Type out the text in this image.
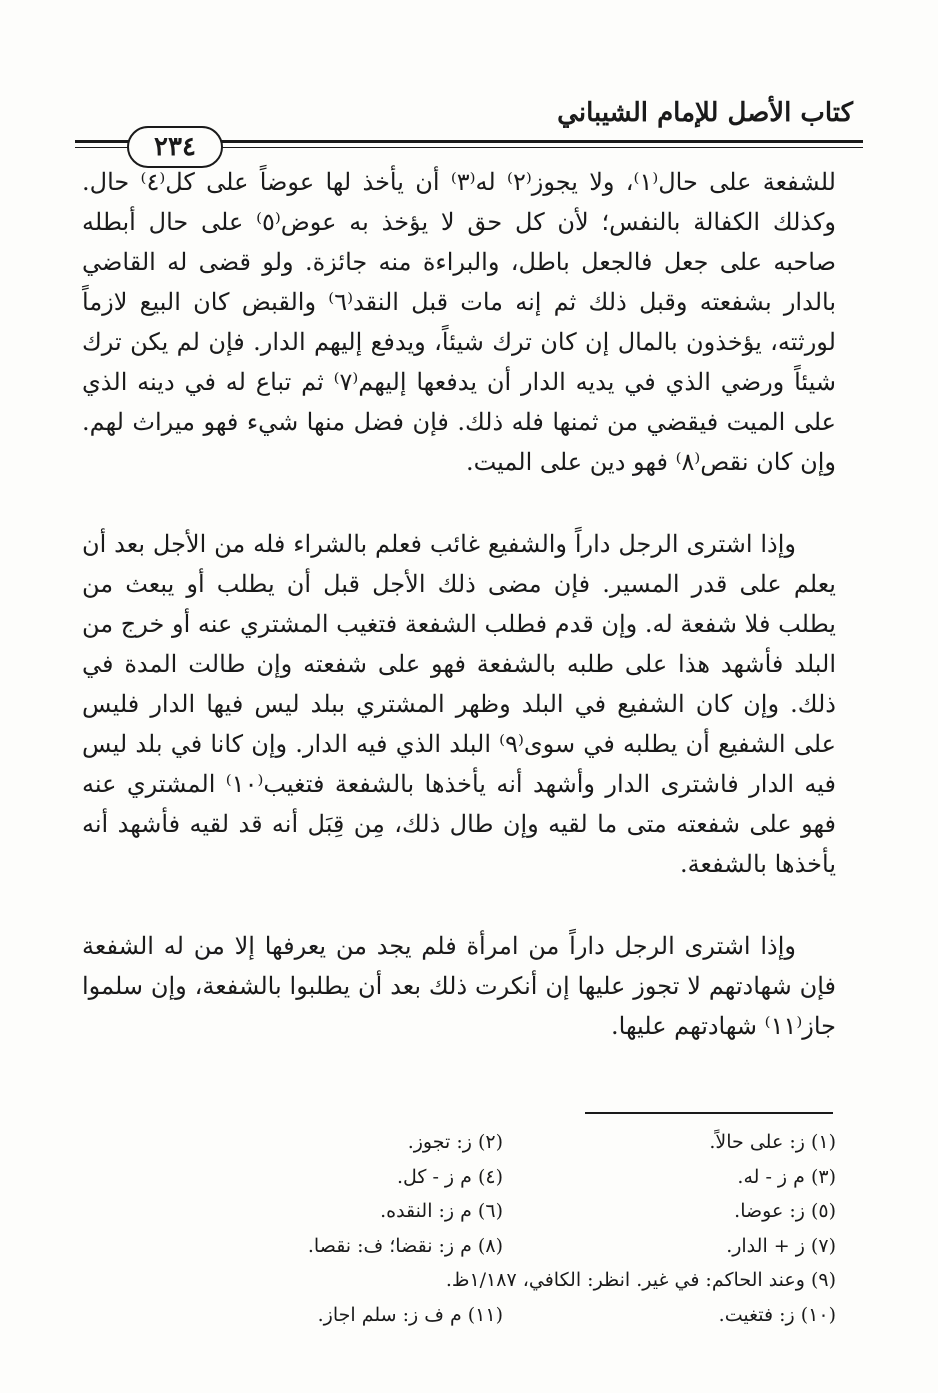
كتاب الأصل للإمام الشيباني
٢٣٤

للشفعة على حال⁽١⁾، ولا يجوز⁽٢⁾ له⁽٣⁾ أن يأخذ لها عوضاً على كل⁽٤⁾ حال. وكذلك الكفالة بالنفس؛ لأن كل حق لا يؤخذ به عوض⁽٥⁾ على حال أبطله صاحبه على جعل فالجعل باطل، والبراءة منه جائزة. ولو قضى له القاضي بالدار بشفعته وقبل ذلك ثم إنه مات قبل النقد⁽٦⁾ والقبض كان البيع لازماً لورثته، يؤخذون بالمال إن كان ترك شيئاً، ويدفع إليهم الدار. فإن لم يكن ترك شيئاً ورضي الذي في يديه الدار أن يدفعها إليهم⁽٧⁾ ثم تباع له في دينه الذي على الميت فيقضي من ثمنها فله ذلك. فإن فضل منها شيء فهو ميراث لهم. وإن كان نقص⁽٨⁾ فهو دين على الميت.

وإذا اشترى الرجل داراً والشفيع غائب فعلم بالشراء فله من الأجل بعد أن يعلم على قدر المسير. فإن مضى ذلك الأجل قبل أن يطلب أو يبعث من يطلب فلا شفعة له. وإن قدم فطلب الشفعة فتغيب المشتري عنه أو خرج من البلد فأشهد هذا على طلبه بالشفعة فهو على شفعته وإن طالت المدة في ذلك. وإن كان الشفيع في البلد وظهر المشتري ببلد ليس فيها الدار فليس على الشفيع أن يطلبه في سوى⁽٩⁾ البلد الذي فيه الدار. وإن كانا في بلد ليس فيه الدار فاشترى الدار وأشهد أنه يأخذها بالشفعة فتغيب⁽١٠⁾ المشتري عنه فهو على شفعته متى ما لقيه وإن طال ذلك، مِن قِبَل أنه قد لقيه فأشهد أنه يأخذها بالشفعة.

وإذا اشترى الرجل داراً من امرأة فلم يجد من يعرفها إلا من له الشفعة فإن شهادتهم لا تجوز عليها إن أنكرت ذلك بعد أن يطلبوا بالشفعة، وإن سلموا جاز⁽١١⁾ شهادتهم عليها.

(١) ز: على حالاً.
(٢) ز: تجوز.
(٣) م ز - له.
(٤) م ز - كل.
(٥) ز: عوضا.
(٦) م ز: النقده.
(٧) ز + الدار.
(٨) م ز: نقضا؛ ف: نقصا.
(٩) وعند الحاكم: في غير. انظر: الكافي، ١/١٨٧ظ.
(١٠) ز: فتغيت.
(١١) م ف ز: سلم اجاز.
